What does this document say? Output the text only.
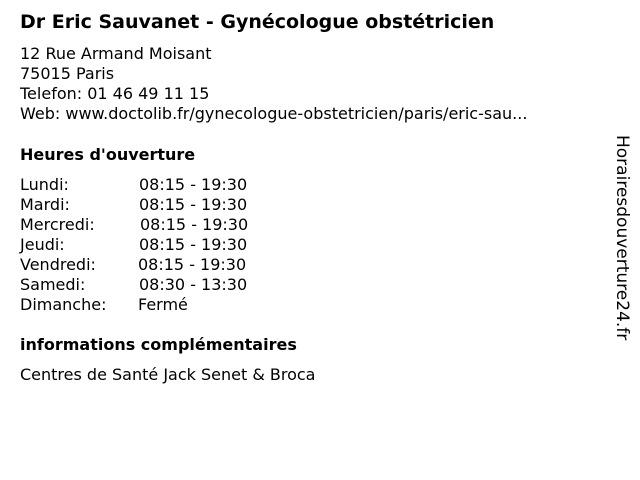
Dr Eric Sauvanet - Gynécologue obstétricien
12 Rue Armand Moisant
75015 Paris
Telefon: 01 46 49 11 15
Web: www.doctolib.fr/gynecologue-obstetricien/paris/eric-sau...
Heures d'ouverture
Lundi:	08:15 - 19:30
Mardi:	08:15 - 19:30
Mercredi:	08:15 - 19:30
Jeudi:	08:15 - 19:30
Vendredi:	08:15 - 19:30
Samedi:	08:30 - 13:30
Dimanche: Fermé
informations complémentaires
Centres de Santé Jack Senet & Broca
Horairesdouverture24.fr
